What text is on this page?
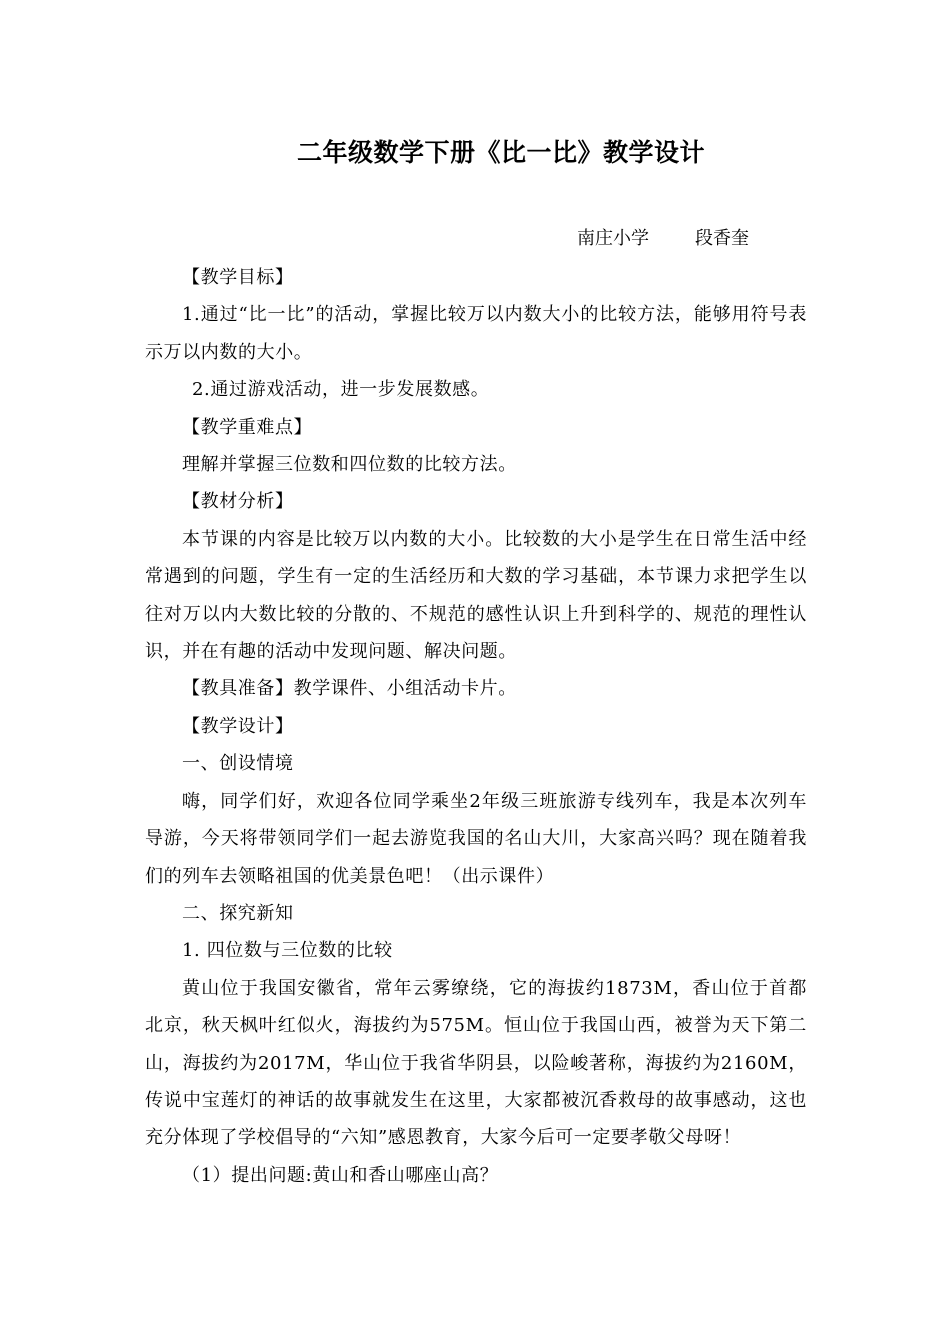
二年级数学下册《比一比》教学设计
南庄小学	段香奎

【教学目标】

1.通过“比一比”的活动，掌握比较万以内数大小的比较方法，能够用符号表示万以内数的大小。

2.通过游戏活动，进一步发展数感。

【教学重难点】

理解并掌握三位数和四位数的比较方法。

【教材分析】

本节课的内容是比较万以内数的大小。比较数的大小是学生在日常生活中经常遇到的问题，学生有一定的生活经历和大数的学习基础，本节课力求把学生以往对万以内大数比较的分散的、不规范的感性认识上升到科学的、规范的理性认识，并在有趣的活动中发现问题、解决问题。

【教具准备】教学课件、小组活动卡片。

【教学设计】

一、创设情境

嗨，同学们好，欢迎各位同学乘坐2年级三班旅游专线列车，我是本次列车导游，今天将带领同学们一起去游览我国的名山大川，大家高兴吗？现在随着我们的列车去领略祖国的优美景色吧！（出示课件）

二、探究新知

1. 四位数与三位数的比较

黄山位于我国安徽省，常年云雾缭绕，它的海拔约1873M，香山位于首都北京，秋天枫叶红似火，海拔约为575M。恒山位于我国山西，被誉为天下第二山，海拔约为2017M，华山位于我省华阴县，以险峻著称，海拔约为2160M，传说中宝莲灯的神话的故事就发生在这里，大家都被沉香救母的故事感动，这也充分体现了学校倡导的“六知”感恩教育，大家今后可一定要孝敬父母呀！

（1）提出问题:黄山和香山哪座山高？
